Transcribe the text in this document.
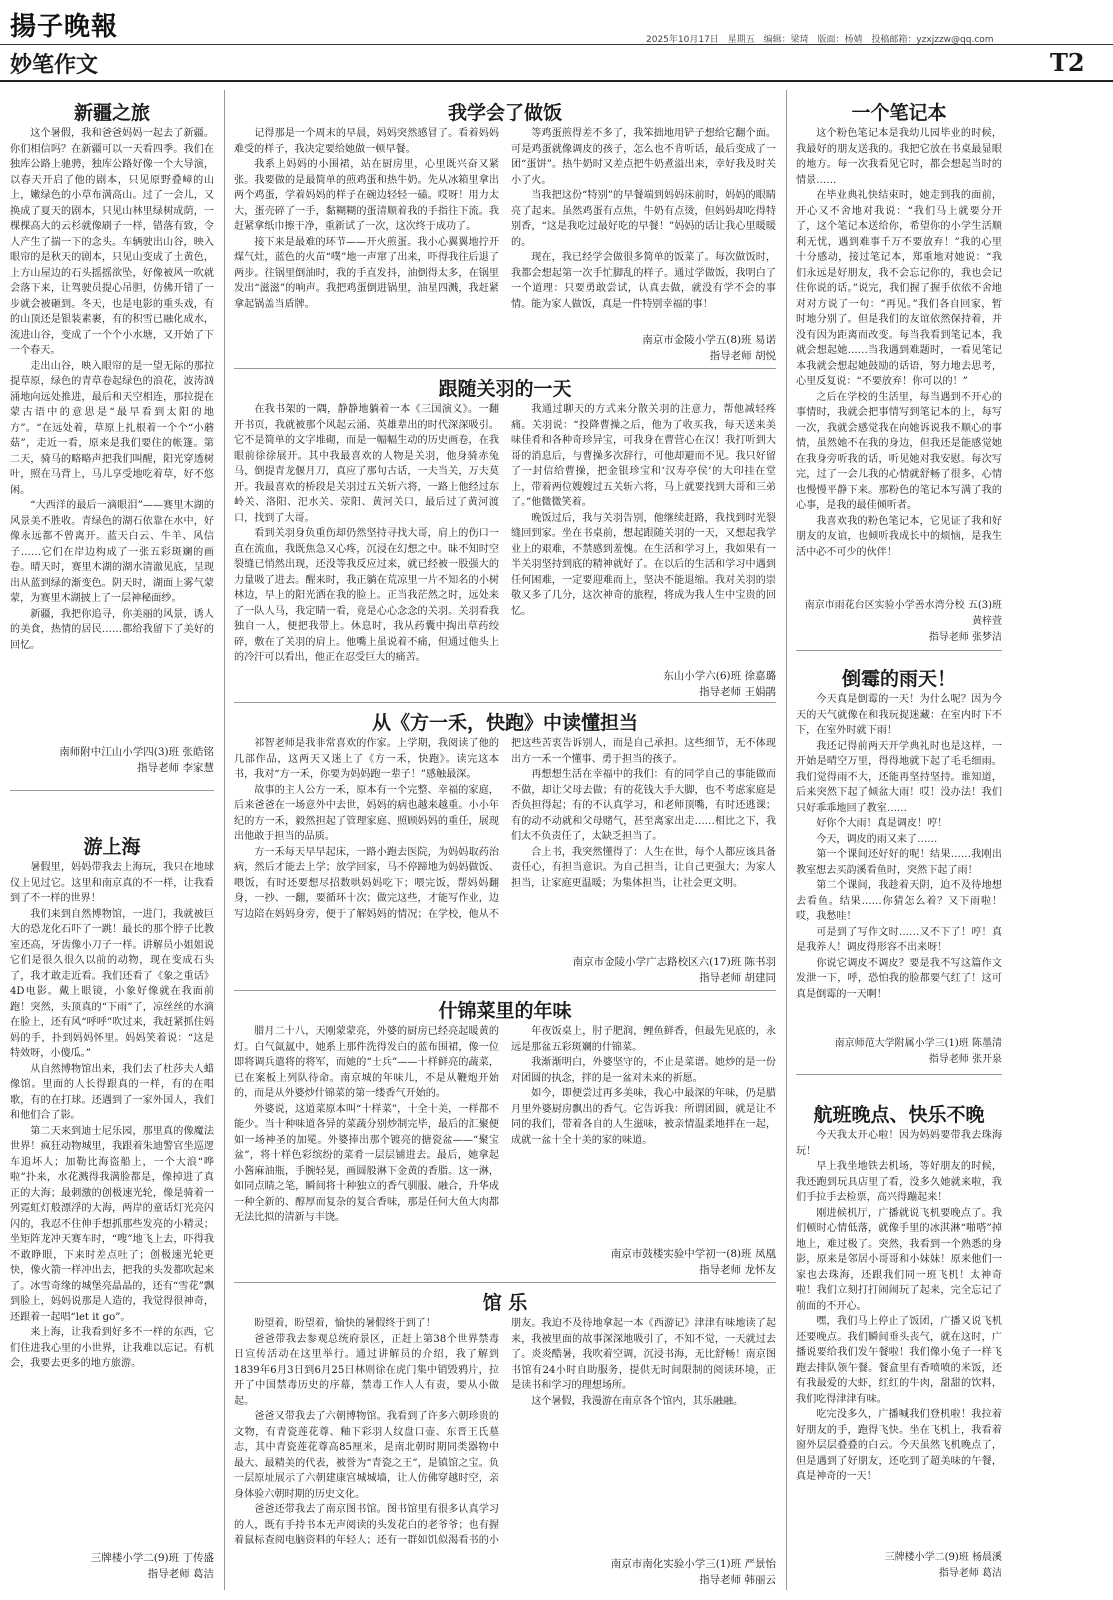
揚子晚報	2025年10月17日 星期五 编辑：梁琦 版面：杨婧 投稿邮箱：yzxjzzw@qq.com
妙笔作文	T2
新疆之旅

这个暑假，我和爸爸妈妈一起去了新疆。你们相信吗？在新疆可以一天看四季。我们在独库公路上驰骋，独库公路好像一个大导演，以春天开启了他的剧本，只见原野叠嶂的山上，嫩绿色的小草布满高山。过了一会儿，又换成了夏天的剧本，只见山林里绿树成荫，一棵棵高大的云杉就像刷子一样，错落有致，令人产生了揣一下的念头。车辆驶出山谷，映入眼帘的是秋天的剧本，只见山变成了土黄色，上方山屋边的石头摇摇欲坠，好像被风一吹就会落下来，让驾驶员提心吊胆，仿佛开错了一步就会被砸到。冬天，也是电影的重头戏，有的山顶还是银装素裹，有的积雪已融化成水，流进山谷，变成了一个个小水塘，又开始了下一个春天。

走出山谷，映入眼帘的是一望无际的那拉提草原，绿色的青草卷起绿色的浪花，波涛汹涌地向远处推进，最后和天空相连，那拉提在蒙古语中的意思是“最早看到太阳的地方”。“在远处着，草原上扎根着一个个“小蘑菇”，走近一看，原来是我们要住的帐篷。第二天，骑马的略略声把我们叫醒，阳光穿透树叶，照在马背上，马儿享受地吃着草，好不悠闲。

“大西洋的最后一滴眼泪”——赛里木湖的风景美不胜收。青绿色的湖石依靠在水中，好像永远都不曾离开。蓝天白云、牛羊、风信子……它们在岸边构成了一张五彩斑斓的画卷。晴天时，赛里木湖的湖水清澈见底，呈现出从蓝到绿的渐变色。阴天时，湖面上雾气蒙蒙，为赛里木湖披上了一层神秘面纱。

新疆，我把你追寻，你美丽的风景，诱人的美食，热情的居民……都给我留下了美好的回忆。

南师附中江山小学四(3)班 张皓铭
指导老师 李家慧
游上海

暑假里，妈妈带我去上海玩，我只在地球仪上见过它。这里和南京真的不一样，让我看到了不一样的世界！

我们来到自然博物馆，一进门，我就被巨大的恐龙化石吓了一跳！最长的那个脖子比教室还高，牙齿像小刀子一样。讲解员小姐姐说它们是很久很久以前的动物，现在变成石头了，我才敢走近看。我们还看了《象之重话》4D电影。戴上眼镜，小象好像就在我面前跑！突然，头顶真的“下雨”了，凉丝丝的水滴在脸上，还有风“呼呼”吹过来，我赶紧抓住妈妈的手，扑到妈妈怀里。妈妈笑着说：“这是特效呀，小傻瓜。”

从自然博物馆出来，我们去了杜莎夫人蜡像馆。里面的人长得跟真的一样，有的在唱歌，有的在打球。还遇到了一家外国人，我们和他们合了影。

第二天来到迪士尼乐园，那里真的像魔法世界！疯狂动物城里，我跟着朱迪警官坐巡逻车追坏人；加勒比海盗船上，一个大浪“哗啦”扑来，水花溅得我满脸都是，像掉进了真正的大海；最刺激的创极速光轮，像是骑着一列霓虹灯般漂浮的大海，两岸的童话灯光亮闪闪的，我忍不住伸手想抓那些发亮的小精灵；坐矩阵龙冲天赛车时，“嗖”地飞上去，吓得我不敢睁眼，下来时差点吐了；创极速光轮更快，像火箭一样冲出去，把我的头发都吹起来了。冰雪奇缘的城堡亮晶晶的，还有“雪花”飘到脸上，妈妈说那是人造的，我觉得很神奇，还跟着一起唱“let it go”。

来上海，让我看到好多不一样的东西，它们住进我心里的小世界，让我难以忘记。有机会，我要去更多的地方旅游。

三牌楼小学二(9)班 丁传盛
指导老师 葛洁
我学会了做饭

记得那是一个周末的早晨，妈妈突然感冒了。看着妈妈难受的样子，我决定要给她做一顿早餐。

我系上妈妈的小围裙，站在厨房里，心里既兴奋又紧张。我要做的是最简单的煎鸡蛋和热牛奶。先从冰箱里拿出两个鸡蛋，学着妈妈的样子在碗边轻轻一磕。哎呀！用力太大，蛋壳碎了一手，黏糊糊的蛋清顺着我的手指往下流。我赶紧拿纸巾擦干净，重新试了一次，这次终于成功了。

接下来是最难的环节——开火煎蛋。我小心翼翼地拧开煤气灶，蓝色的火苗“噗”地一声窜了出来，吓得我往后退了两步。往锅里倒油时，我的手直发抖，油倒得太多，在锅里发出“滋滋”的响声。我把鸡蛋倒进锅里，油星四溅，我赶紧拿起锅盖当盾牌。

等鸡蛋煎得差不多了，我笨拙地用铲子想给它翻个面。可是鸡蛋就像调皮的孩子，怎么也不肯听话，最后变成了一团“蛋饼”。热牛奶时又差点把牛奶煮溢出来，幸好我及时关小了火。

当我把这份“特别”的早餐端到妈妈床前时，妈妈的眼睛亮了起来。虽然鸡蛋有点焦，牛奶有点烫，但妈妈却吃得特别香，“这是我吃过最好吃的早餐！”妈妈的话让我心里暖暖的。

现在，我已经学会做很多简单的饭菜了。每次做饭时，我都会想起第一次手忙脚乱的样子。通过学做饭，我明白了一个道理：只要勇敢尝试，认真去做，就没有学不会的事情。能为家人做饭，真是一件特别幸福的事！

南京市金陵小学五(8)班 易诺
指导老师 胡悦
跟随关羽的一天

在我书架的一隅，静静地躺着一本《三国演义》。一翻开书页，我就被那个风起云涌、英雄辈出的时代深深吸引。它不是简单的文字堆砌，而是一幅幅生动的历史画卷，在我眼前徐徐展开。其中我最喜欢的人物是关羽，他身骑赤兔马，倒提青龙偃月刀，真应了那句古话，一夫当关，万夫莫开。我最喜欢的桥段是关羽过五关斩六将，一路上他经过东岭关、洛阳、汜水关、荥阳、黄河关口，最后过了黄河渡口，找到了大哥。

看到关羽身负重伤却仍然坚持寻找大哥，肩上的伤口一直在流血，我既焦急又心疼，沉浸在幻想之中。昧不知时空裂缝已悄然出现，还没等我反应过来，就已经被一股强大的力量吸了进去。醒来时，我正躺在荒凉里一片不知名的小树林边，早上的阳光洒在我的脸上。正当我茫然之时，远处来了一队人马，我定睛一看，竟是心心念念的关羽。关羽看我独自一人，便把我带上。休息时，我从药囊中掏出草药绞碎，敷在了关羽的肩上。他嘴上虽说着不痛，但通过他头上的冷汗可以看出，他正在忍受巨大的痛苦。

我通过聊天的方式来分散关羽的注意力，帮他减轻疼痛。关羽说：“投降曹操之后，他为了收买我，每天送来美味佳肴和各种奇珍异宝，可我身在曹营心在汉！我打听到大哥的消息后，与曹操多次辞行，可他却避而不见。我只好留了一封信给曹操，把金银珍宝和‘汉寿亭侯’的大印挂在堂上，带着两位嫂嫂过五关斩六将，马上就要找到大哥和三弟了。”他微微笑着。

晚饭过后，我与关羽告别，他继续赶路，我找到时光裂缝回到家。坐在书桌前，想起跟随关羽的一天，又想起我学业上的艰难，不禁感到羞愧。在生活和学习上，我如果有一半关羽坚持到底的精神就好了。在以后的生活和学习中遇到任何困难，一定要迎难而上，坚决不能退缩。我对关羽的崇敬又多了几分，这次神奇的旅程，将成为我人生中宝贵的回忆。

东山小学六(6)班 徐嘉璐
指导老师 王娟鹃
从《方一禾，快跑》中读懂担当

祁智老师是我非常喜欢的作家。上学期，我阅读了他的几部作品，这两天又迷上了《方一禾，快跑》。读完这本书，我对“方一禾，你要为妈妈跑一辈子！”感触最深。

故事的主人公方一禾，原本有一个完整、幸福的家庭，后来爸爸在一场意外中去世，妈妈的病也越来越重。小小年纪的方一禾，毅然担起了管理家庭、照顾妈妈的重任，展现出他敢于担当的品质。

方一禾每天早早起床，一路小跑去医院，为妈妈取药治病，然后才能去上学；放学回家，马不停蹄地为妈妈做饭、喂饭，有时还要想尽招数哄妈妈吃下；喂完饭，帮妈妈翻身，一抄、一翻，要循环十次；做完这些，才能写作业，边写边陪在妈妈身旁，便于了解妈妈的情况；在学校，他从不把这些苦衷告诉别人，而是自己承担。这些细节，无不体现出方一禾一个懂事、勇于担当的孩子。

再想想生活在幸福中的我们：有的同学自己的事能做而不做，却让父母去做；有的花钱大手大脚，也不考虑家庭是否负担得起；有的不认真学习，和老师顶嘴，有时还逃课；有的动不动就和父母赌气，甚至离家出走……相比之下，我们太不负责任了，太缺乏担当了。

合上书，我突然懂得了：人生在世，每个人都应该具备责任心，有担当意识。为自己担当，让自己更强大；为家人担当，让家庭更温暖；为集体担当，让社会更文明。

南京市金陵小学广志路校区六(17)班 陈书羽
指导老师 胡建同
什锦菜里的年味

腊月二十八，天刚蒙蒙亮，外婆的厨房已经亮起暖黄的灯。白气氤氲中，她系上那件洗得发白的蓝布围裙，像一位即将调兵遣将的将军，而她的“士兵”——十样鲜亮的蔬菜，已在案板上列队待命。南京城的年味儿，不是从鞭炮开始的，而是从外婆炒什锦菜的第一缕香气开始的。

外婆说，这道菜原本叫“十样菜”，十全十美，一样都不能少。当十种味道各异的菜蔬分别炒制完毕，最后的汇聚便如一场神圣的加冕。外婆捧出那个镀亮的搪瓷盆——“聚宝盆”，将十样色彩缤纷的菜肴一层层铺进去。最后，她拿起小酱麻油瓶，手腕轻晃，画圆般淋下金黄的香脂。这一淋，如同点睛之笔，瞬间将十种独立的香气驯服、融合，升华成一种全新的、醇厚而复杂的复合香味，那是任何大鱼大肉都无法比拟的清新与丰饶。

年夜饭桌上，肘子肥润，鲤鱼鲜香，但最先见底的，永远是那盆五彩斑斓的什锦菜。

我渐渐明白，外婆坚守的，不止是菜谱。她炒的是一份对团圆的执念，拌的是一盆对未来的祈愿。

如今，即便尝过再多美味，我心中最深的年味，仍是腊月里外婆厨房飘出的香气。它告诉我：所谓团圆，就是让不同的我们，带着各自的人生滋味，被亲情温柔地拌在一起，成就一盆十全十美的家的味道。

南京市鼓楼实验中学初一(8)班 凤凰
指导老师 龙怀友
馆 乐

盼望着，盼望着，愉快的暑假终于到了！

爸爸带我去参观总统府景区，正赶上第38个世界禁毒日宣传活动在这里举行。通过讲解员的介绍，我了解到1839年6月3日到6月25日林则徐在虎门集中销毁鸦片，拉开了中国禁毒历史的序幕，禁毒工作人人有责，要从小做起。

爸爸又带我去了六朝博物馆。我看到了许多六朝珍贵的文物，有青瓷莲花尊、釉下彩羽人纹盘口壶、东晋王氏墓志，其中青瓷莲花尊高85厘米，是南北朝时期同类器物中最大、最精美的代表，被誉为“青瓷之王”，是镇馆之宝。负一层原址展示了六朝建康宫城城墙，让人仿佛穿越时空，亲身体验六朝时期的历史文化。

爸爸还带我去了南京图书馆。图书馆里有很多认真学习的人，既有手持书本无声阅读的头发花白的老爷爷；也有握着鼠标查阅电脑资料的年轻人；还有一群如饥似渴看书的小朋友。我迫不及待地拿起一本《西游记》津津有味地读了起来，我被里面的故事深深地吸引了，不知不觉，一天就过去了。炎炎酷暑，我吹着空调，沉浸书海，无比舒畅！南京图书馆有24小时自助服务，提供无时间限制的阅读环境，正是读书和学习的理想场所。

这个暑假，我漫游在南京各个馆内，其乐融融。

南京市南化实验小学三(1)班 严景怡
指导老师 韩丽云
一个笔记本

这个粉色笔记本是我幼儿园毕业的时候，我最好的朋友送我的。我把它放在书桌最显眼的地方。每一次我看见它时，都会想起当时的情景……

在毕业典礼快结束时，她走到我的面前，开心又不舍地对我说：“我们马上就要分开了，这个笔记本送给你，希望你的小学生活顺利无忧，遇到难事千万不要放弃！”我的心里十分感动，接过笔记本，郑重地对她说：“我们永远是好朋友，我不会忘记你的，我也会记住你说的话。”说完，我们握了握手依依不舍地对对方说了一句：“再见。”我们各自回家，暂时地分别了。但是我们的友谊依然保持着，并没有因为距离而改变。每当我看到笔记本，我就会想起她……当我遇到难题时，一看见笔记本我就会想起她鼓励的话语，努力地去思考，心里反复说：“不要放弃！你可以的！”

之后在学校的生活里，每当遇到不开心的事情时，我就会把事情写到笔记本的上，每写一次，我就会感觉我在向她诉说我不顺心的事情，虽然她不在我的身边，但我还是能感觉她在我身旁听我的话，听见她对我安慰。每次写完，过了一会儿我的心情就舒畅了很多，心情也慢慢平静下来。那粉色的笔记本写满了我的心事，是我的最佳倾听者。

我喜欢我的粉色笔记本，它见证了我和好朋友的友谊，也倾听我成长中的烦恼，是我生活中必不可少的伙伴！

南京市雨花台区实验小学善水湾分校 五(3)班 黄梓萱
指导老师 张梦洁
倒霉的雨天！

今天真是倒霉的一天！为什么呢？因为今天的天气就像在和我玩捉迷藏：在室内时下不下，在室外时就下雨！

我还记得前两天开学典礼时也是这样，一开始是晴空万里，得得地就下起了毛毛细雨。我们觉得雨不大，还能再坚持坚持。谁知道，后来突然下起了倾盆大雨！哎！没办法！我们只好乖乖地回了教室……

好你个大雨！真是调皮！哼！

今天，调皮的雨又来了……

第一个课间还好好的呢！结果……我刚出教室想去买韵溪看鱼时，突然下起了雨！

第二个课间，我趁着天阴，迫不及待地想去看鱼。结果……你猜怎么着？又下雨啦！哎，我愁哇！

可是到了写作文时……又不下了！哼！真是我养人！调皮得形容不出来呀！

你说它调皮不调皮？要是我不写这篇作文发泄一下，呼，恐怕我的脸都要气红了！这可真是倒霉的一天啊！

南京师范大学附属小学三(1)班 陈墨清
指导老师 张开泉
航班晚点、快乐不晚

今天我太开心啦！因为妈妈要带我去珠海玩！

早上我坐地铁去机场，等好朋友的时候，我还跑到玩具店里了看，没多久她就来啦，我们手拉手去检票，高兴得蹦起来！

刚进候机厅，广播就说飞机要晚点了。我们顿时心情低落，就像手里的冰淇淋“啪嗒”掉地上，难过极了。突然，我看到一个熟悉的身影，原来是邻居小哥哥和小妹妹！原来他们一家也去珠海，还跟我们同一班飞机！太神奇啦！我们立刻打打闹闹玩了起来，完全忘记了前面的不开心。

嘿，我们马上停止了饭团，广播又说飞机还要晚点。我们瞬间垂头丧气，就在这时，广播说要给我们发午餐啦！我们像小兔子一样飞跑去排队领午餐。餐盒里有香喷喷的米饭，还有我最爱的大虾，红红的牛肉，甜甜的饮料，我们吃得津津有味。

吃完没多久，广播喊我们登机啦！我拉着好朋友的手，跑得飞快。坐在飞机上，我看着窗外层层叠叠的白云。今天虽然飞机晚点了，但是遇到了好朋友，还吃到了超美味的午餐，真是神奇的一天！

三牌楼小学二(9)班 杨晨溪
指导老师 葛洁
